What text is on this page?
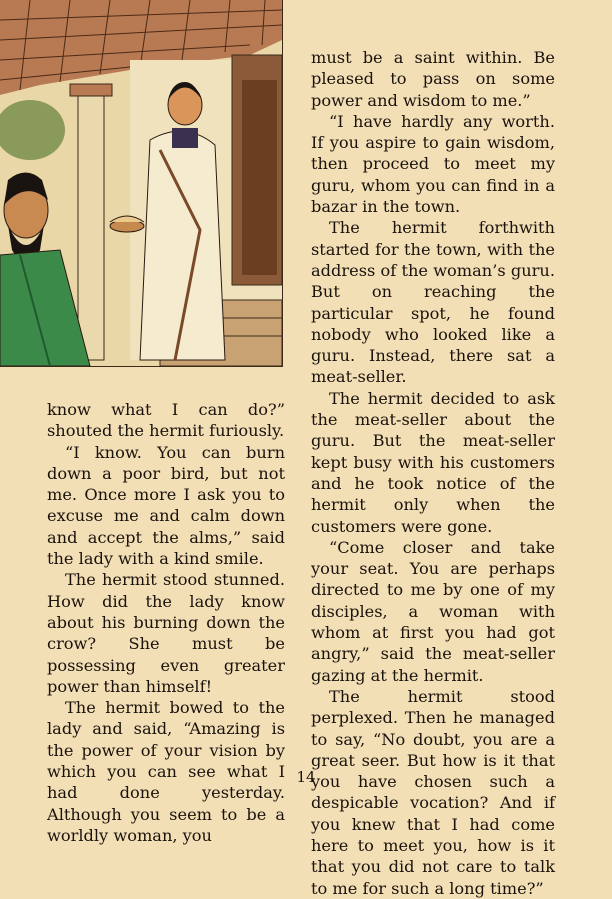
know what I can do?” shouted the hermit furiously.

“I know. You can burn down a poor bird, but not me. Once more I ask you to excuse me and calm down and accept the alms,” said the lady with a kind smile.

The hermit stood stunned. How did the lady know about his burning down the crow? She must be possessing even greater power than himself!

The hermit bowed to the lady and said, “Amazing is the power of your vision by which you can see what I had done yesterday. Although you seem to be a worldly woman, you

must be a saint within. Be pleased to pass on some power and wisdom to me.”

“I have hardly any worth. If you aspire to gain wisdom, then proceed to meet my guru, whom you can find in a bazar in the town.

The hermit forthwith started for the town, with the address of the woman’s guru. But on reaching the particular spot, he found nobody who looked like a guru. Instead, there sat a meat-seller.

The hermit decided to ask the meat-seller about the guru. But the meat-seller kept busy with his customers and he took notice of the hermit only when the customers were gone.

“Come closer and take your seat. You are perhaps directed to me by one of my disciples, a woman with whom at first you had got angry,” said the meat-seller gazing at the hermit.

The hermit stood perplexed. Then he managed to say, “No doubt, you are a great seer. But how is it that you have chosen such a despicable vocation? And if you knew that I had come here to meet you, how is it that you did not care to talk to me for such a long time?”

14
